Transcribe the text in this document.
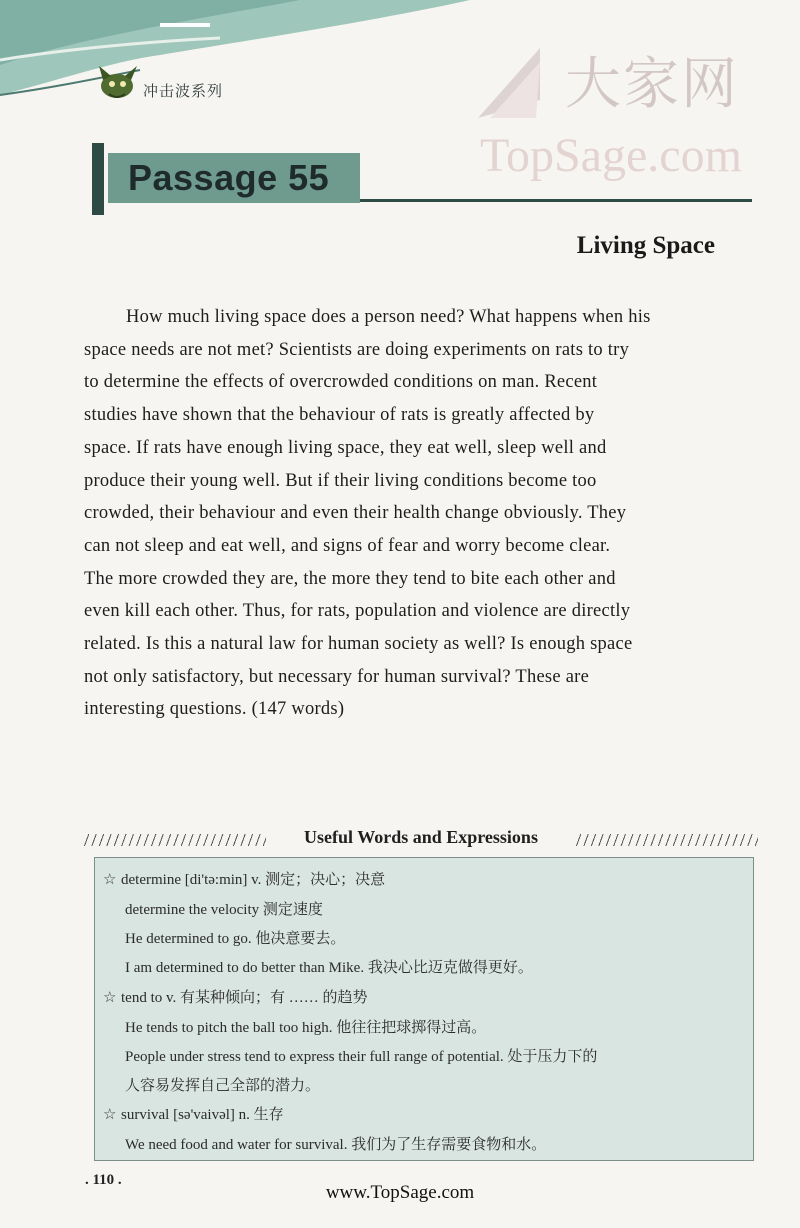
冲击波系列	大家网
TopSage.com
Passage 55
Living Space
How much living space does a person need? What happens when his
space needs are not met? Scientists are doing experiments on rats to try
to determine the effects of overcrowded conditions on man. Recent
studies have shown that the behaviour of rats is greatly affected by
space. If rats have enough living space, they eat well, sleep well and
produce their young well. But if their living conditions become too
crowded, their behaviour and even their health change obviously. They
can not sleep and eat well, and signs of fear and worry become clear.
The more crowded they are, the more they tend to bite each other and
even kill each other. Thus, for rats, population and violence are directly
related. Is this a natural law for human society as well? Is enough space
not only satisfactory, but necessary for human survival? These are
interesting questions. (147 words)
Useful Words and Expressions
☆ determine [di'tə:min] v. 测定；决心；决意
determine the velocity 测定速度
He determined to go. 他决意要去。
I am determined to do better than Mike. 我决心比迈克做得更好。
☆ tend to v. 有某种倾向；有 …… 的趋势
He tends to pitch the ball too high. 他往往把球掷得过高。
People under stress tend to express their full range of potential. 处于压力下的
人容易发挥自己全部的潜力。
☆ survival [sə'vaivəl] n. 生存
We need food and water for survival. 我们为了生存需要食物和水。
. 110 .
www.TopSage.com
